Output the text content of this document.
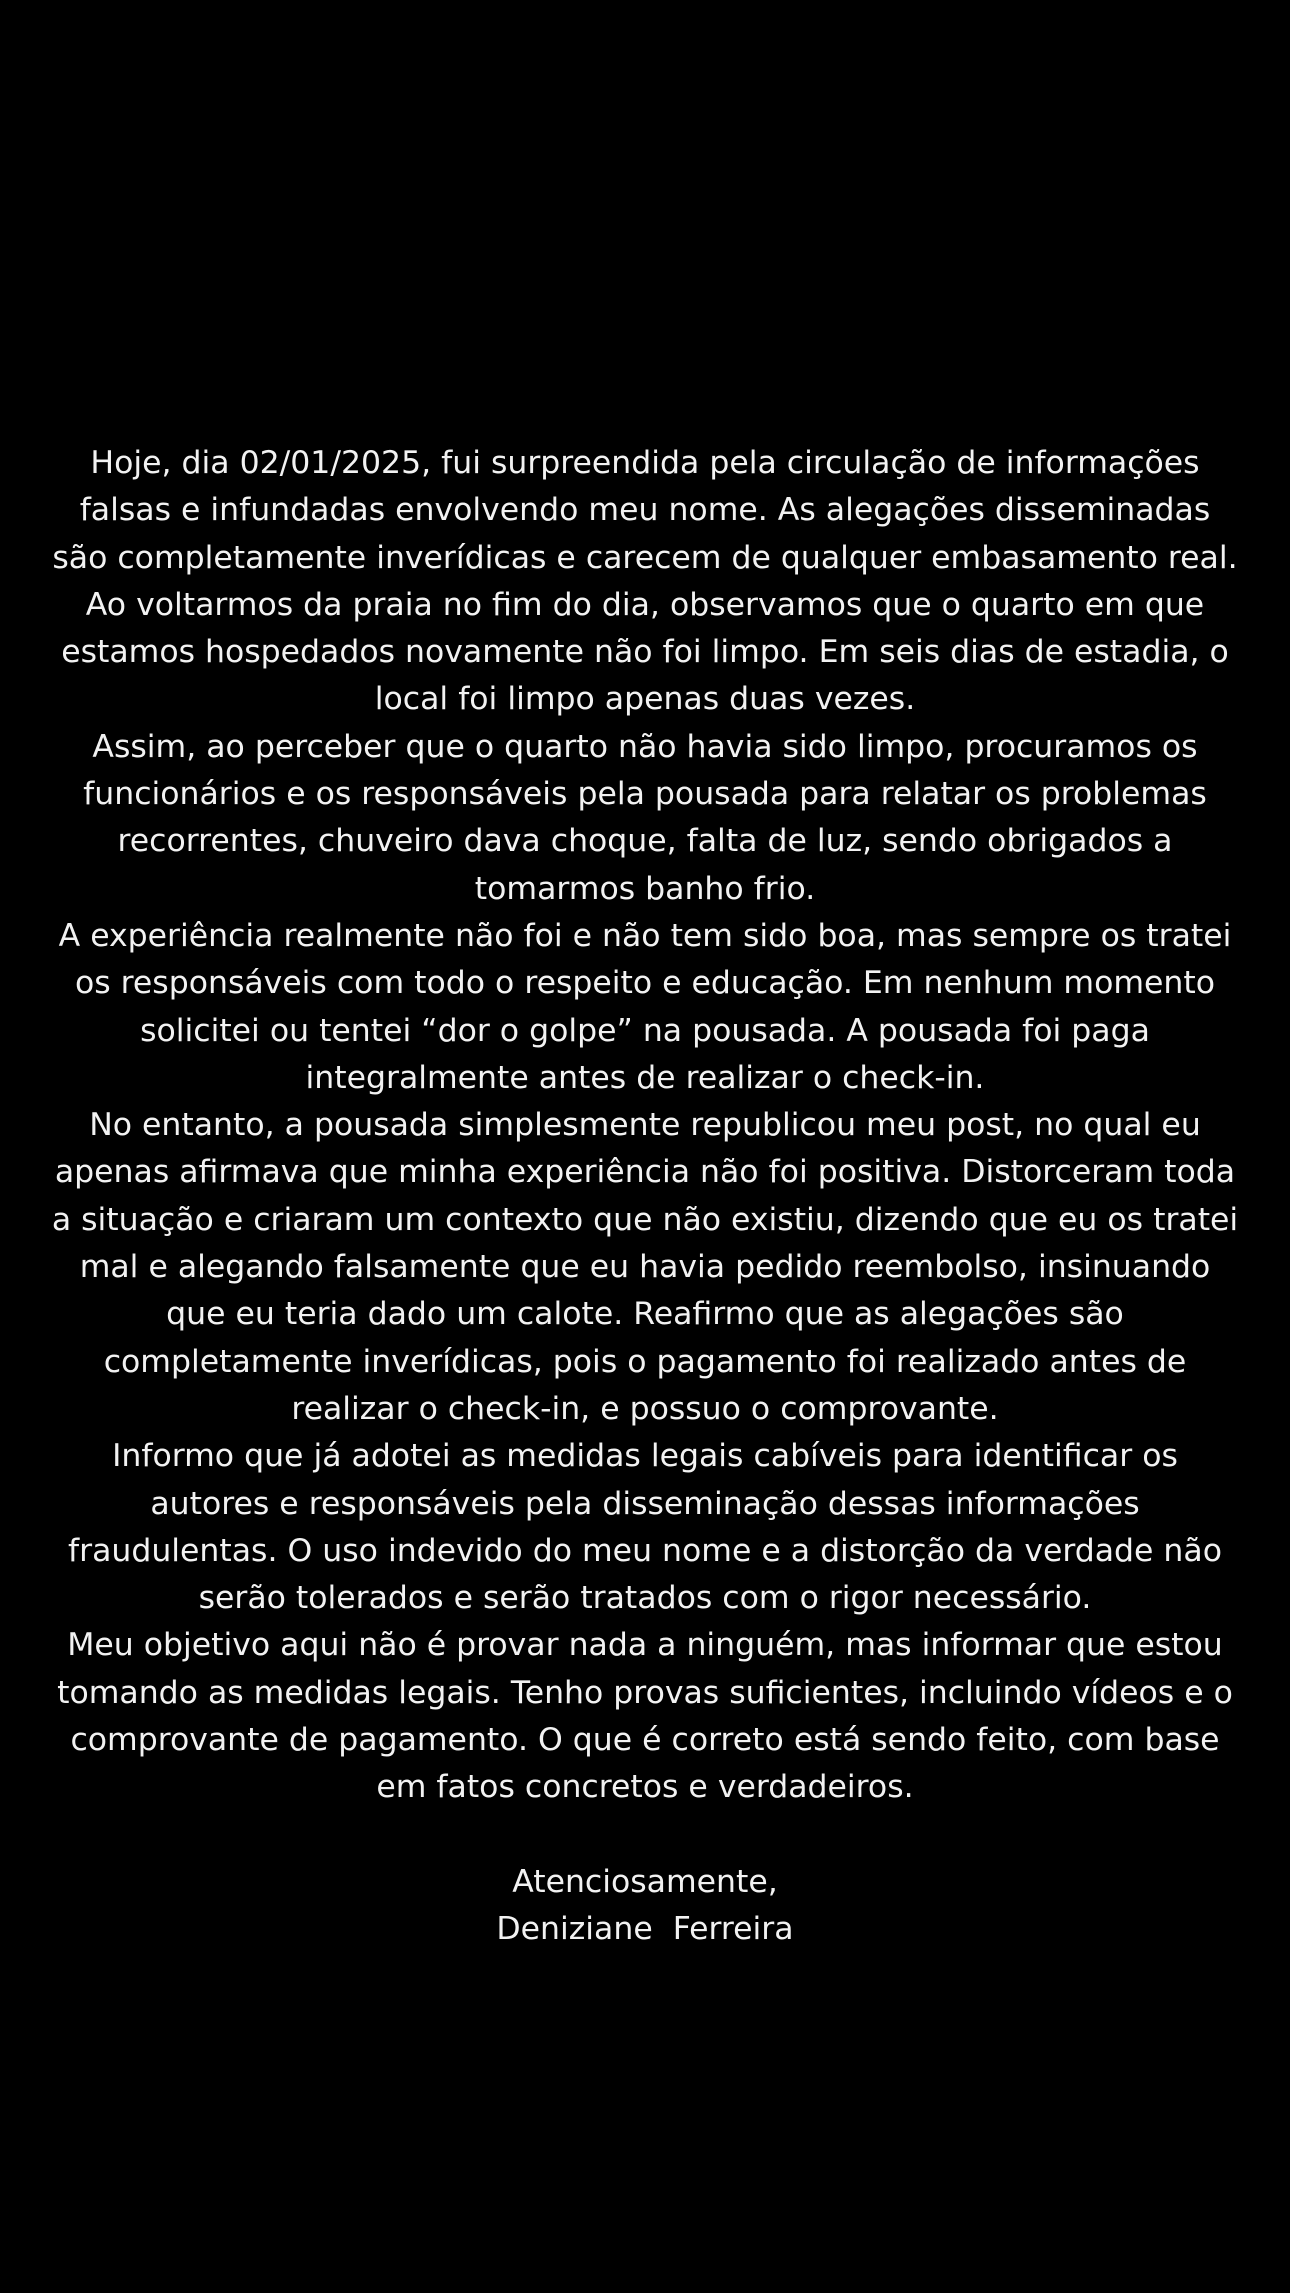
Hoje, dia 02/01/2025, fui surpreendida pela circulação de informações falsas e infundadas envolvendo meu nome. As alegações disseminadas são completamente inverídicas e carecem de qualquer embasamento real.

Ao voltarmos da praia no fim do dia, observamos que o quarto em que estamos hospedados novamente não foi limpo. Em seis dias de estadia, o local foi limpo apenas duas vezes.

Assim, ao perceber que o quarto não havia sido limpo, procuramos os funcionários e os responsáveis pela pousada para relatar os problemas recorrentes, chuveiro dava choque, falta de luz, sendo obrigados a tomarmos banho frio.

A experiência realmente não foi e não tem sido boa, mas sempre os tratei os responsáveis com todo o respeito e educação. Em nenhum momento solicitei ou tentei “dor o golpe” na pousada. A pousada foi paga integralmente antes de realizar o check-in.

No entanto, a pousada simplesmente republicou meu post, no qual eu apenas afirmava que minha experiência não foi positiva. Distorceram toda a situação e criaram um contexto que não existiu, dizendo que eu os tratei mal e alegando falsamente que eu havia pedido reembolso, insinuando que eu teria dado um calote. Reafirmo que as alegações são completamente inverídicas, pois o pagamento foi realizado antes de realizar o check-in, e possuo o comprovante.

Informo que já adotei as medidas legais cabíveis para identificar os autores e responsáveis pela disseminação dessas informações fraudulentas. O uso indevido do meu nome e a distorção da verdade não serão tolerados e serão tratados com o rigor necessário.

Meu objetivo aqui não é provar nada a ninguém, mas informar que estou tomando as medidas legais. Tenho provas suficientes, incluindo vídeos e o comprovante de pagamento. O que é correto está sendo feito, com base em fatos concretos e verdadeiros.

Atenciosamente,
Deniziane  Ferreira
